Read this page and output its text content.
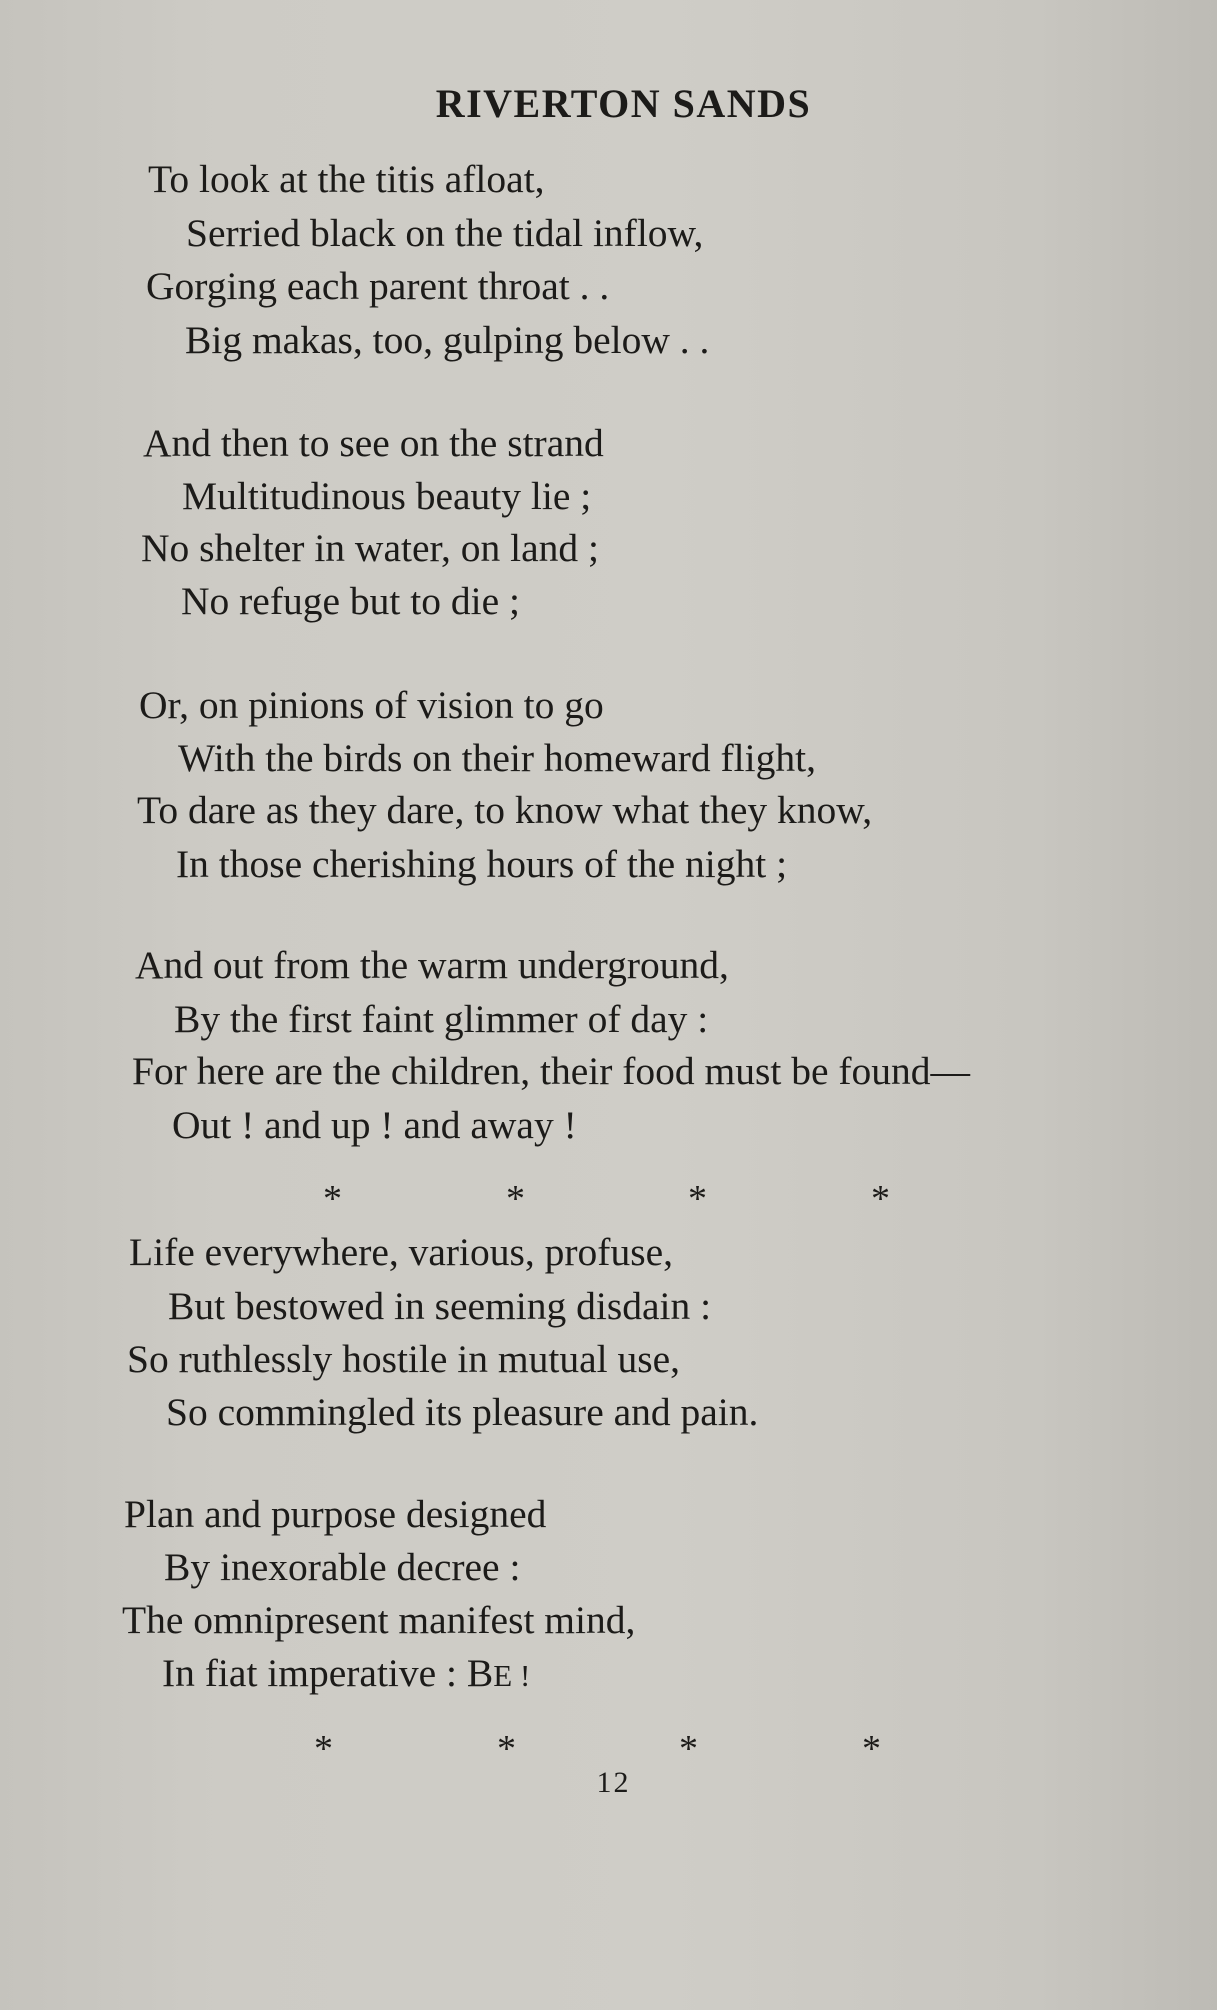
RIVERTON SANDS
To look at the titis afloat,
Serried black on the tidal inflow,
Gorging each parent throat . .
Big makas, too, gulping below . .
And then to see on the strand
Multitudinous beauty lie ;
No shelter in water, on land ;
No refuge but to die ;
Or, on pinions of vision to go
With the birds on their homeward flight,
To dare as they dare, to know what they know,
In those cherishing hours of the night ;
And out from the warm underground,
By the first faint glimmer of day :
For here are the children, their food must be found—
Out ! and up ! and away !
*	*	*	*
Life everywhere, various, profuse,
But bestowed in seeming disdain :
So ruthlessly hostile in mutual use,
So commingled its pleasure and pain.
Plan and purpose designed
By inexorable decree :
The omnipresent manifest mind,
In fiat imperative : BE !
*	*	*	*
12
